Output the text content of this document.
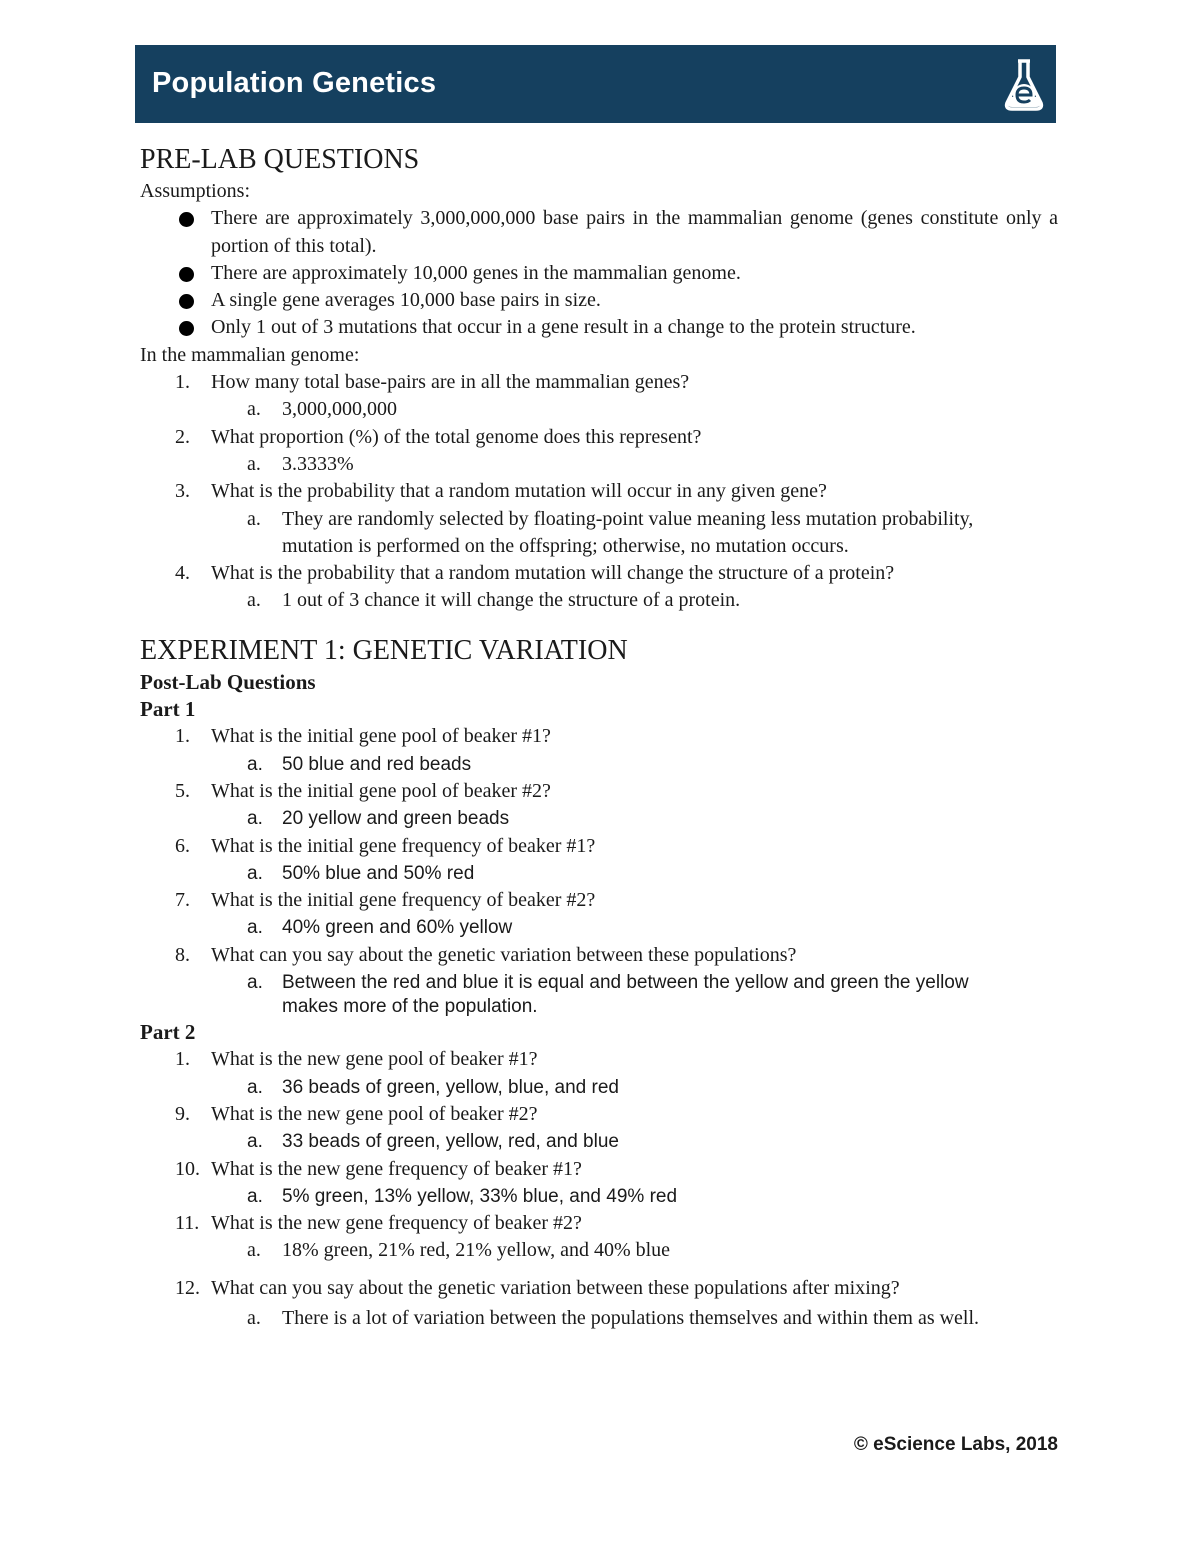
Population Genetics
PRE-LAB QUESTIONS

Assumptions:

There are approximately 3,000,000,000 base pairs in the mammalian genome (genes constitute only a portion of this total).
There are approximately 10,000 genes in the mammalian genome.
A single gene averages 10,000 base pairs in size.
Only 1 out of 3 mutations that occur in a gene result in a change to the protein structure.

In the mammalian genome:

1. How many total base-pairs are in all the mammalian genes?
a. 3,000,000,000
2. What proportion (%) of the total genome does this represent?
a. 3.3333%
3. What is the probability that a random mutation will occur in any given gene?
a. They are randomly selected by floating-point value meaning less mutation probability, mutation is performed on the offspring; otherwise, no mutation occurs.
4. What is the probability that a random mutation will change the structure of a protein?
a. 1 out of 3 chance it will change the structure of a protein.
EXPERIMENT 1: GENETIC VARIATION

Post-Lab Questions

Part 1

1. What is the initial gene pool of beaker #1?
a. 50 blue and red beads
5. What is the initial gene pool of beaker #2?
a. 20 yellow and green beads
6. What is the initial gene frequency of beaker #1?
a. 50% blue and 50% red
7. What is the initial gene frequency of beaker #2?
a. 40% green and 60% yellow
8. What can you say about the genetic variation between these populations?
a. Between the red and blue it is equal and between the yellow and green the yellow makes more of the population.

Part 2

1. What is the new gene pool of beaker #1?
a. 36 beads of green, yellow, blue, and red
9. What is the new gene pool of beaker #2?
a. 33 beads of green, yellow, red, and blue
10. What is the new gene frequency of beaker #1?
a. 5% green, 13% yellow, 33% blue, and 49% red
11. What is the new gene frequency of beaker #2?
a. 18% green, 21% red, 21% yellow, and 40% blue
12. What can you say about the genetic variation between these populations after mixing?
a. There is a lot of variation between the populations themselves and within them as well.
© eScience Labs, 2018
